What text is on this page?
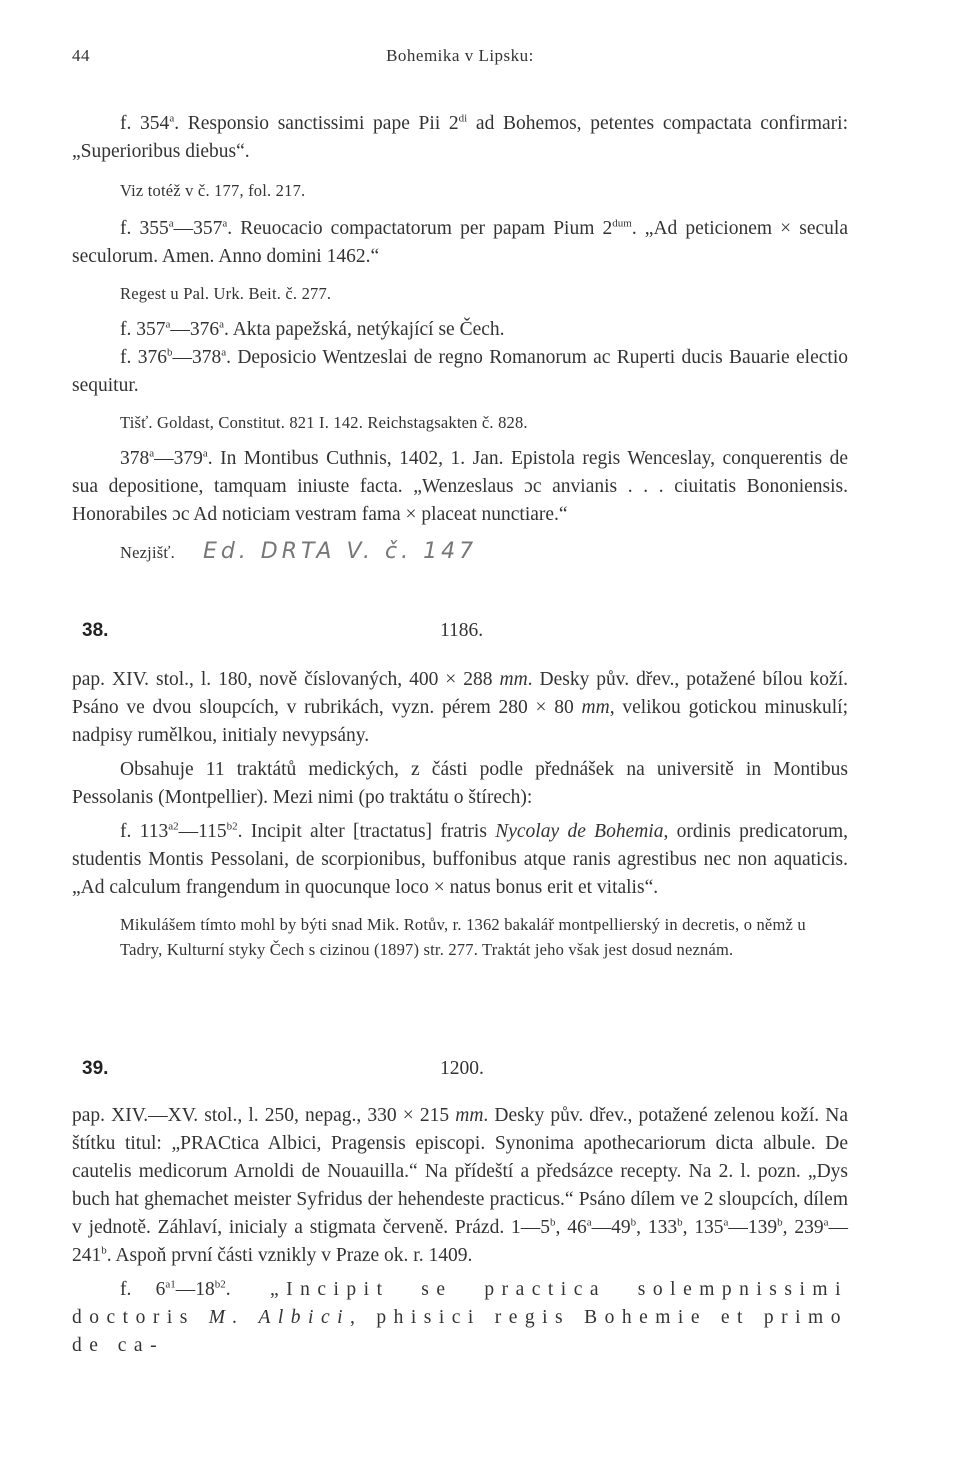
44	Bohemika v Lipsku:

f. 354$^a$. Responsio sanctissimi pape Pii $2^{di}$ ad Bohemos, petentes compactata confirmari: „Superioribus diebus“.

Viz totéž v č. 177, fol. 217.

f. 355$^a$—357$^a$. Reuocacio compactatorum per papam Pium $2^{dum}$. „Ad peticionem × secula seculorum. Amen. Anno domini 1462.“

Regest u Pal. Urk. Beit. č. 277.

f. 357$^a$—376$^a$. Akta papežská, netýkající se Čech.

f. 376$^b$—378$^a$. Deposicio Wentzeslai de regno Romanorum ac Ruperti ducis Bauarie electio sequitur.

Tišť. Goldast, Constitut. 821 I. 142. Reichstagsakten č. 828.

378$^a$—379$^a$. In Montibus Cuthnis, 1402, 1. Jan. Epistola regis Wenceslay, conquerentis de sua depositione, tamquam iniuste facta. „Wenzeslaus ɔc anvianis . . . ciuitatis Bononiensis. Honorabiles ɔc Ad noticiam vestram fama × placeat nunctiare.“

Nezjišť. Ed. DRTA V. č. 147

38.	1186.

pap. XIV. stol., l. 180, nově číslovaných, 400 × 288 mm. Desky pův. dřev., potažené bílou koží. Psáno ve dvou sloupcích, v rubrikách, vyzn. pérem 280 × 80 mm, velikou gotickou minuskulí; nadpisy rumělkou, initialy nevypsány.

Obsahuje 11 traktátů medických, z části podle přednášek na universitě in Montibus Pessolanis (Montpellier). Mezi nimi (po traktátu o štírech):

f. $113^{a2}—115^{b2}$. Incipit alter [tractatus] fratris Nycolay de Bohemia, ordinis predicatorum, studentis Montis Pessolani, de scorpionibus, buffonibus atque ranis agrestibus nec non aquaticis. „Ad calculum frangendum in quocunque loco × natus bonus erit et vitalis“.

Mikulášem tímto mohl by býti snad Mik. Rotův, r. 1362 bakalář montpellierský in decretis, o němž u Tadry, Kulturní styky Čech s cizinou (1897) str. 277. Traktát jeho však jest dosud neznám.

39.	1200.

pap. XIV.—XV. stol., l. 250, nepag., 330 × 215 mm. Desky pův. dřev., potažené zelenou koží. Na štítku titul: „PRACtica Albici, Pragensis episcopi. Synonima apothecariorum dicta albule. De cautelis medicorum Arnoldi de Nouauilla.“ Na přídeští a předsázce recepty. Na 2. l. pozn. „Dys buch hat ghemachet meister Syfridus der hehendeste practicus.“ Psáno dílem ve 2 sloupcích, dílem v jednotě. Záhlaví, inicialy a stigmata červeně. Prázd. 1—5$^b$, 46$^a$—49$^b$, 133$^b$, 135$^a$—139$^b$, 239$^a$—241$^b$. Aspoň první části vznikly v Praze ok. r. 1409.

f. $6^{a1}—18^{b2}$. „Incipit se practica solempnissimi doctoris M. Albici, phisici regis Bohemie et primo de ca-
